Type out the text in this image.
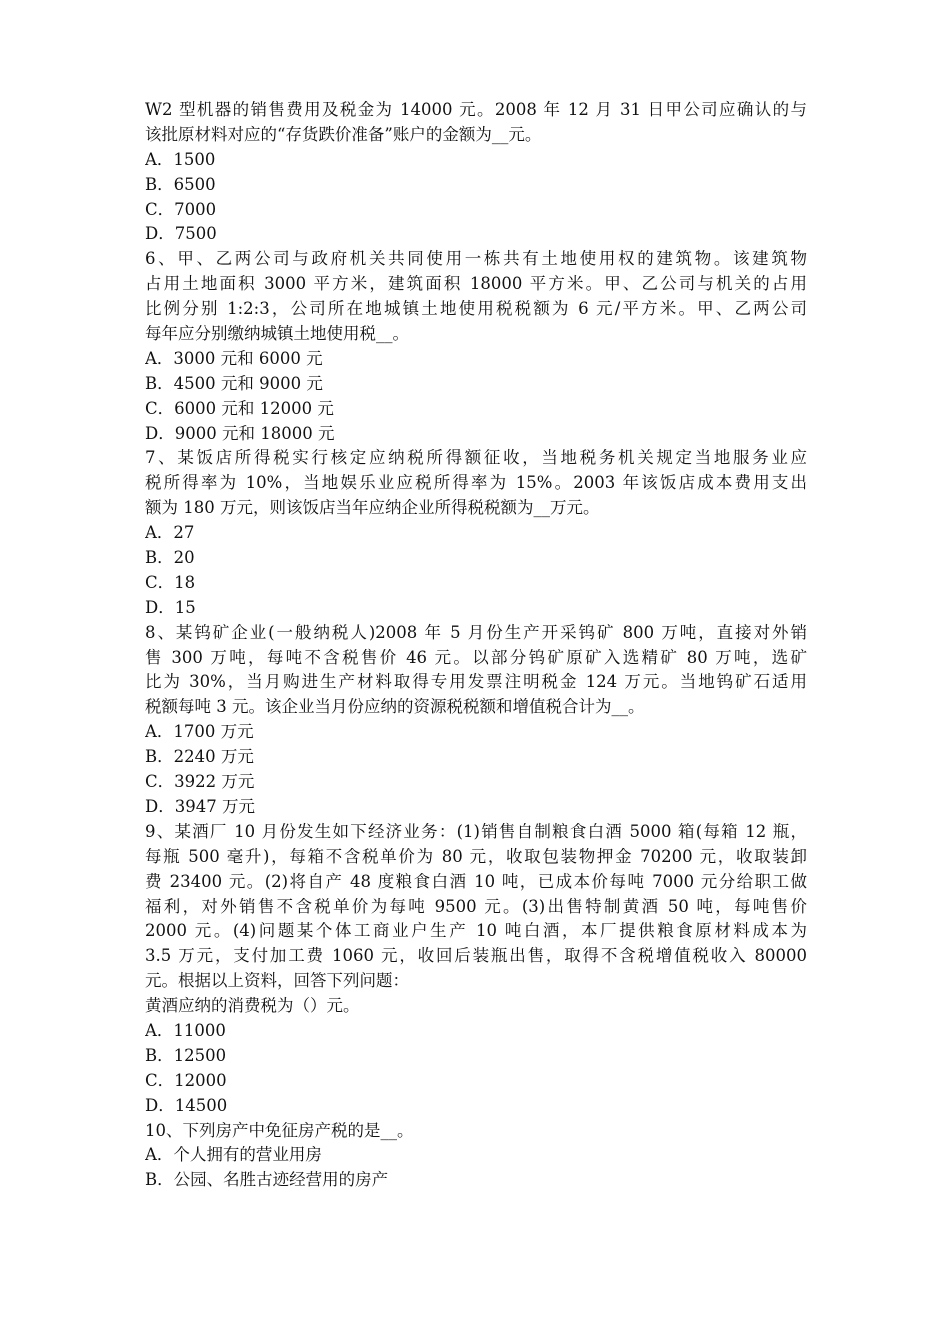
W2 型机器的销售费用及税金为 14000 元。2008 年 12 月 31 日甲公司应确认的与
该批原材料对应的“存货跌价准备”账户的金额为__元。
A．1500
B．6500
C．7000
D．7500
6、甲、乙两公司与政府机关共同使用一栋共有土地使用权的建筑物。该建筑物
占用土地面积 3000 平方米，建筑面积 18000 平方米。甲、乙公司与机关的占用
比例分别 1:2:3，公司所在地城镇土地使用税税额为 6 元/平方米。甲、乙两公司
每年应分别缴纳城镇土地使用税__。
A．3000 元和 6000 元
B．4500 元和 9000 元
C．6000 元和 12000 元
D．9000 元和 18000 元
7、某饭店所得税实行核定应纳税所得额征收，当地税务机关规定当地服务业应
税所得率为 10%，当地娱乐业应税所得率为 15%。2003 年该饭店成本费用支出
额为 180 万元，则该饭店当年应纳企业所得税税额为__万元。
A．27
B．20
C．18
D．15
8、某钨矿企业(一般纳税人)2008 年 5 月份生产开采钨矿 800 万吨，直接对外销
售 300 万吨，每吨不含税售价 46 元。以部分钨矿原矿入选精矿 80 万吨，选矿
比为 30%，当月购进生产材料取得专用发票注明税金 124 万元。当地钨矿石适用
税额每吨 3 元。该企业当月份应纳的资源税税额和增值税合计为__。
A．1700 万元
B．2240 万元
C．3922 万元
D．3947 万元
9、某酒厂 10 月份发生如下经济业务：(1)销售自制粮食白酒 5000 箱(每箱 12 瓶，
每瓶 500 毫升)，每箱不含税单价为 80 元，收取包装物押金 70200 元，收取装卸
费 23400 元。(2)将自产 48 度粮食白酒 10 吨，已成本价每吨 7000 元分给职工做
福利，对外销售不含税单价为每吨 9500 元。(3)出售特制黄酒 50 吨，每吨售价
2000 元。(4)问题某个体工商业户生产 10 吨白酒，本厂提供粮食原材料成本为
3.5 万元，支付加工费 1060 元，收回后装瓶出售，取得不含税增值税收入 80000
元。根据以上资料，回答下列问题：
黄酒应纳的消费税为（）元。
A．11000
B．12500
C．12000
D．14500
10、下列房产中免征房产税的是__。
A．个人拥有的营业用房
B．公园、名胜古迹经营用的房产
